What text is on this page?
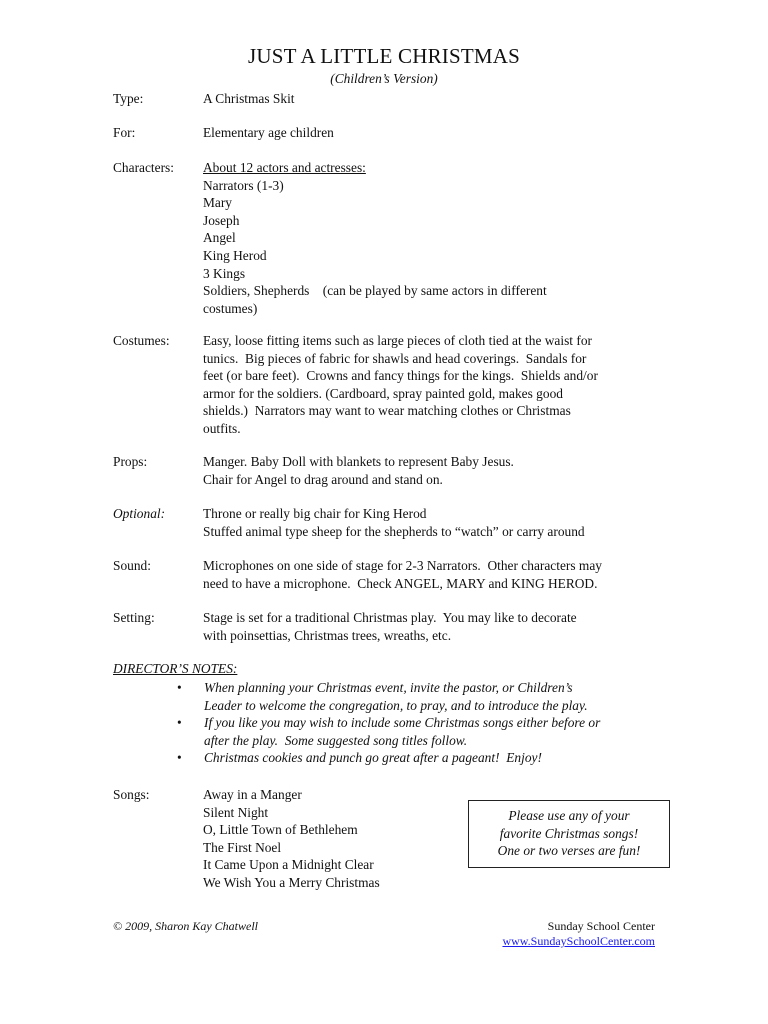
JUST A LITTLE CHRISTMAS
(Children’s Version)
Type:	A Christmas Skit
For:	Elementary age children
Characters:	About 12 actors and actresses:
Narrators (1-3)
Mary
Joseph
Angel
King Herod
3 Kings
Soldiers, Shepherds    (can be played by same actors in different
costumes)
Costumes:	Easy, loose fitting items such as large pieces of cloth tied at the waist for
tunics.  Big pieces of fabric for shawls and head coverings.  Sandals for
feet (or bare feet).  Crowns and fancy things for the kings.  Shields and/or
armor for the soldiers. (Cardboard, spray painted gold, makes good
shields.)  Narrators may want to wear matching clothes or Christmas
outfits.
Props:	Manger. Baby Doll with blankets to represent Baby Jesus.
Chair for Angel to drag around and stand on.
Optional:	Throne or really big chair for King Herod
Stuffed animal type sheep for the shepherds to “watch” or carry around
Sound:	Microphones on one side of stage for 2-3 Narrators.  Other characters may
need to have a microphone.  Check ANGEL, MARY and KING HEROD.
Setting:	Stage is set for a traditional Christmas play.  You may like to decorate
with poinsettias, Christmas trees, wreaths, etc.
DIRECTOR’S NOTES:
• When planning your Christmas event, invite the pastor, or Children’s
Leader to welcome the congregation, to pray, and to introduce the play.
• If you like you may wish to include some Christmas songs either before or
after the play.  Some suggested song titles follow.
• Christmas cookies and punch go great after a pageant!  Enjoy!
Songs:	Away in a Manger
Silent Night
O, Little Town of Bethlehem
The First Noel
It Came Upon a Midnight Clear
We Wish You a Merry Christmas
Please use any of your
favorite Christmas songs!
One or two verses are fun!
© 2009, Sharon Kay Chatwell	Sunday School Center
www.SundaySchoolCenter.com
